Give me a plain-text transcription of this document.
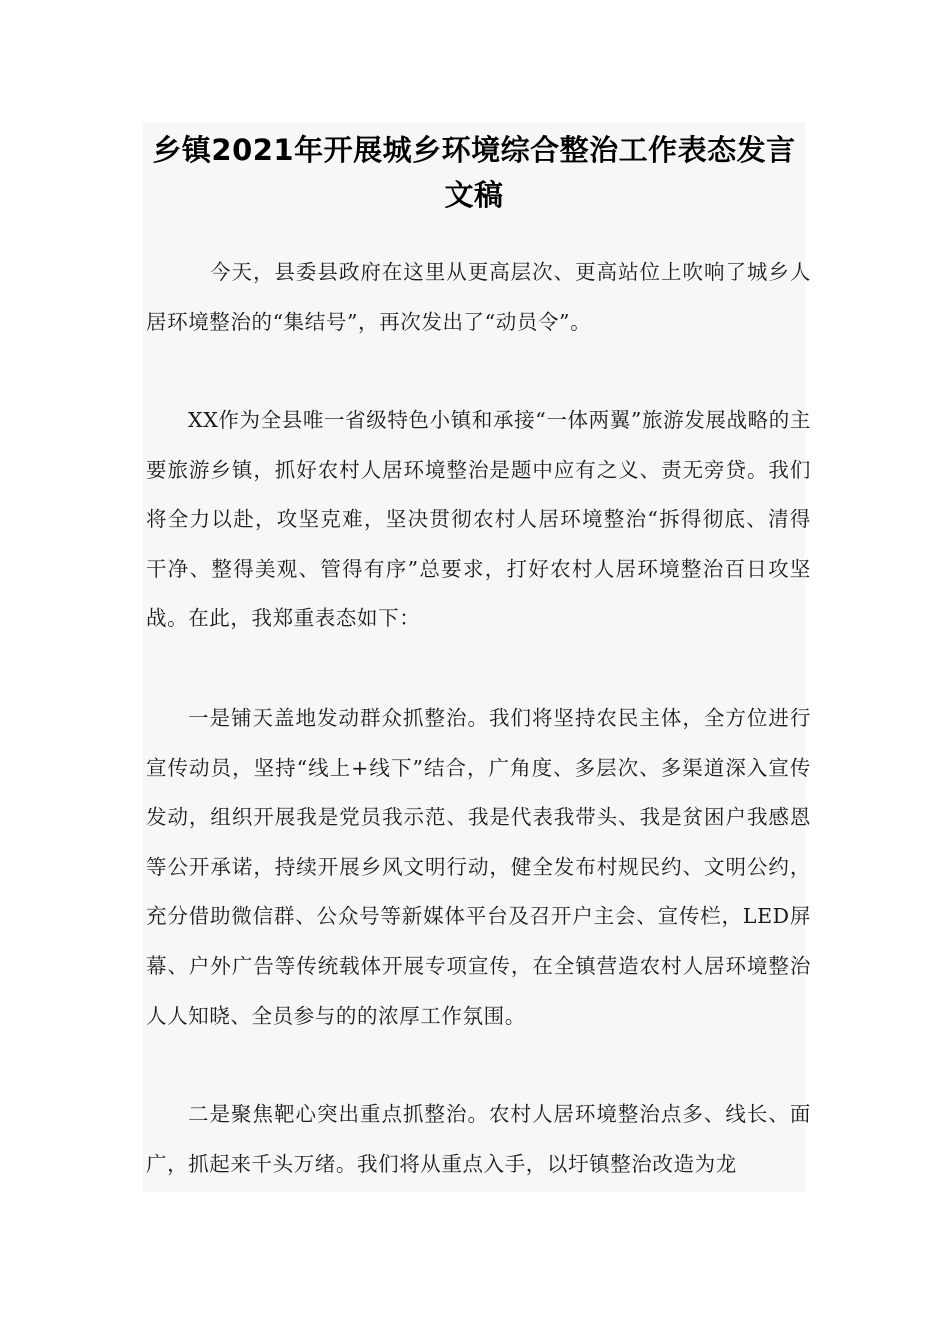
乡镇2021年开展城乡环境综合整治工作表态发言文稿

今天，县委县政府在这里从更高层次、更高站位上吹响了城乡人居环境整治的“集结号”，再次发出了“动员令”。

XX作为全县唯一省级特色小镇和承接“一体两翼”旅游发展战略的主要旅游乡镇，抓好农村人居环境整治是题中应有之义、责无旁贷。我们将全力以赴，攻坚克难，坚决贯彻农村人居环境整治“拆得彻底、清得干净、整得美观、管得有序”总要求，打好农村人居环境整治百日攻坚战。在此，我郑重表态如下：

一是铺天盖地发动群众抓整治。我们将坚持农民主体，全方位进行宣传动员，坚持“线上+线下”结合，广角度、多层次、多渠道深入宣传发动，组织开展我是党员我示范、我是代表我带头、我是贫困户我感恩等公开承诺，持续开展乡风文明行动，健全发布村规民约、文明公约，充分借助微信群、公众号等新媒体平台及召开户主会、宣传栏，LED屏幕、户外广告等传统载体开展专项宣传，在全镇营造农村人居环境整治人人知晓、全员参与的的浓厚工作氛围。

二是聚焦靶心突出重点抓整治。农村人居环境整治点多、线长、面广，抓起来千头万绪。我们将从重点入手，以圩镇整治改造为龙
